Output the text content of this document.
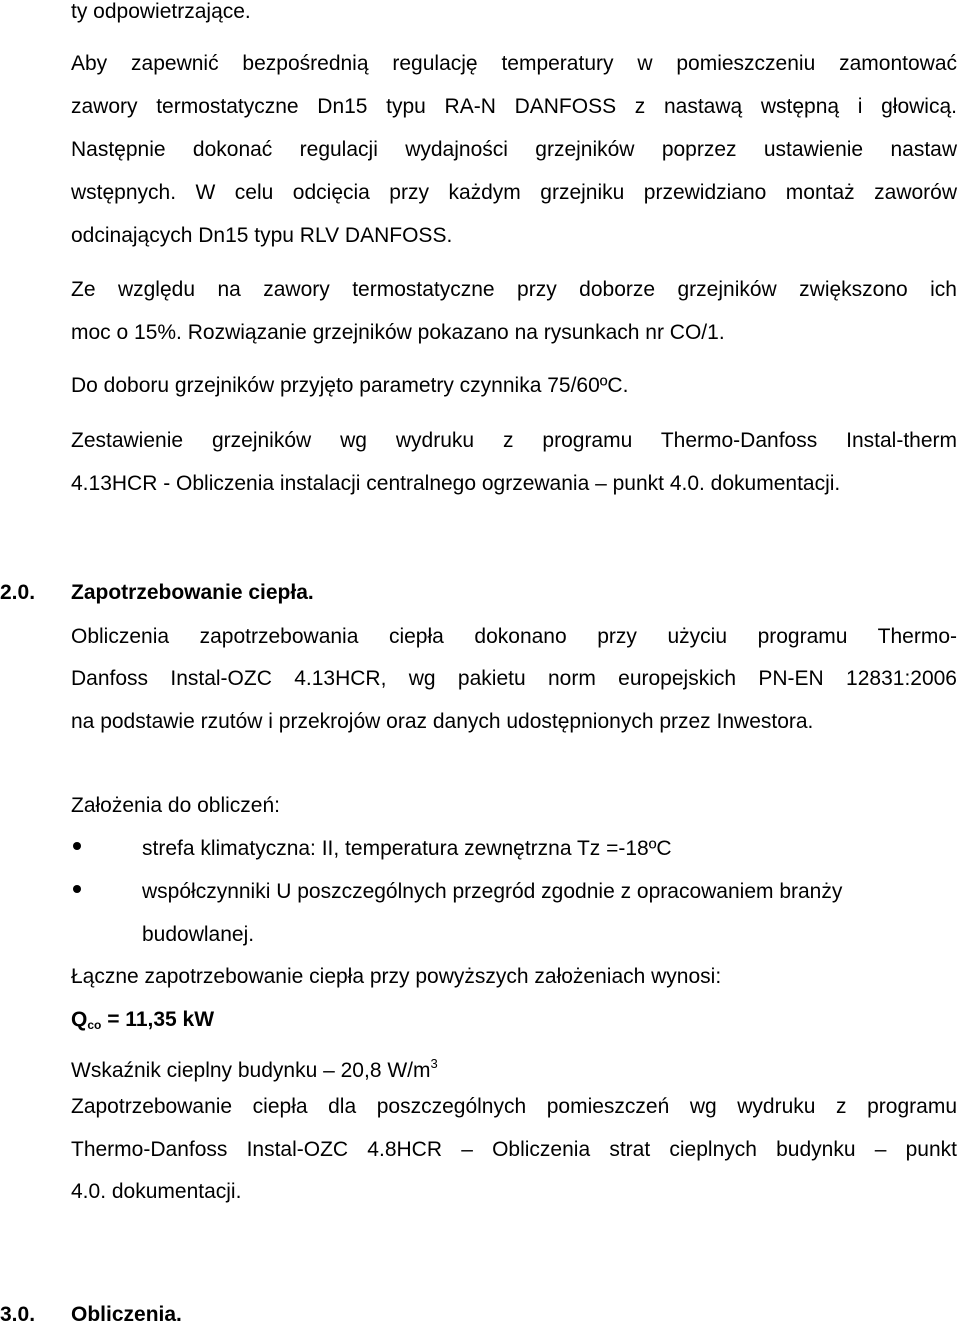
ty odpowietrzające.
Aby zapewnić bezpośrednią regulację temperatury w pomieszczeniu zamontować
zawory termostatyczne Dn15 typu RA-N DANFOSS z nastawą wstępną i głowicą.
Następnie dokonać regulacji wydajności grzejników poprzez ustawienie nastaw
wstępnych. W celu odcięcia przy każdym grzejniku przewidziano montaż zaworów
odcinających Dn15 typu RLV DANFOSS.
Ze względu na zawory termostatyczne przy doborze grzejników zwiększono ich
moc o 15%. Rozwiązanie grzejników pokazano na rysunkach nr CO/1.
Do doboru grzejników przyjęto parametry czynnika 75/60ºC.
Zestawienie grzejników wg wydruku z programu Thermo-Danfoss Instal-therm
4.13HCR - Obliczenia instalacji centralnego ogrzewania – punkt 4.0. dokumentacji.
2.0. Zapotrzebowanie ciepła.
Obliczenia zapotrzebowania ciepła dokonano przy użyciu programu Thermo-
Danfoss Instal-OZC 4.13HCR, wg pakietu norm europejskich PN-EN 12831:2006
na podstawie rzutów i przekrojów oraz danych udostępnionych przez Inwestora.
Założenia do obliczeń:
strefa klimatyczna: II, temperatura zewnętrzna Tz =-18ºC
współczynniki U poszczególnych przegród zgodnie z opracowaniem branży
budowlanej.
Łączne zapotrzebowanie ciepła przy powyższych założeniach wynosi:
$Q_{co} = 11,35$ kW
Wskaźnik cieplny budynku – 20,8 $W/m^3$
Zapotrzebowanie ciepła dla poszczególnych pomieszczeń wg wydruku z programu
Thermo-Danfoss Instal-OZC 4.8HCR – Obliczenia strat cieplnych budynku – punkt
4.0. dokumentacji.
3.0. Obliczenia.
